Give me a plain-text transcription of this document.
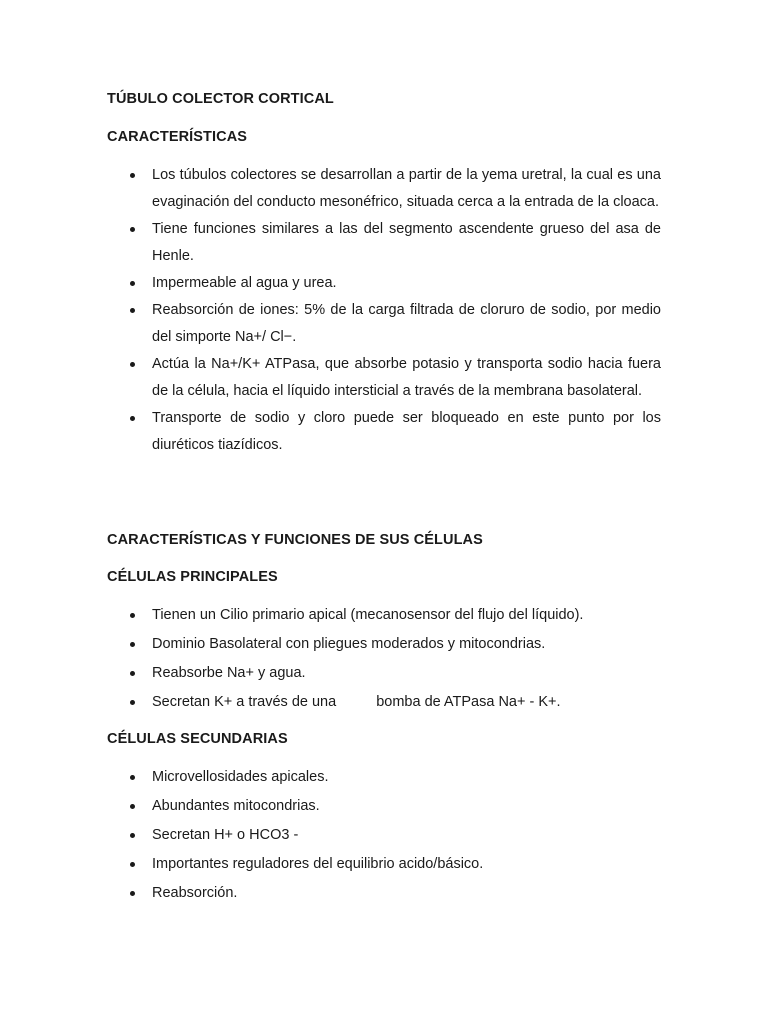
TÚBULO COLECTOR CORTICAL
CARACTERÍSTICAS
Los túbulos colectores se desarrollan a partir de la yema uretral, la cual es una evaginación del conducto mesonéfrico, situada cerca a la entrada de la cloaca.
Tiene funciones similares a las del segmento ascendente grueso del asa de Henle.
Impermeable al agua y urea.
Reabsorción de iones: 5% de la carga filtrada de cloruro de sodio, por medio del simporte Na+/ Cl−.
Actúa la Na+/K+ ATPasa, que absorbe potasio y transporta sodio hacia fuera de la célula, hacia el líquido intersticial a través de la membrana basolateral.
Transporte de sodio y cloro puede ser bloqueado en este punto por los diuréticos tiazídicos.
CARACTERÍSTICAS Y FUNCIONES DE SUS CÉLULAS
CÉLULAS PRINCIPALES
Tienen un Cilio primario apical (mecanosensor del flujo del líquido).
Dominio Basolateral con pliegues moderados y mitocondrias.
Reabsorbe Na+ y agua.
Secretan K+ a través de una	bomba de ATPasa Na+ - K+.
CÉLULAS SECUNDARIAS
Microvellosidades apicales.
Abundantes mitocondrias.
Secretan H+ o HCO3 -
Importantes reguladores del equilibrio acido/básico.
Reabsorción.
